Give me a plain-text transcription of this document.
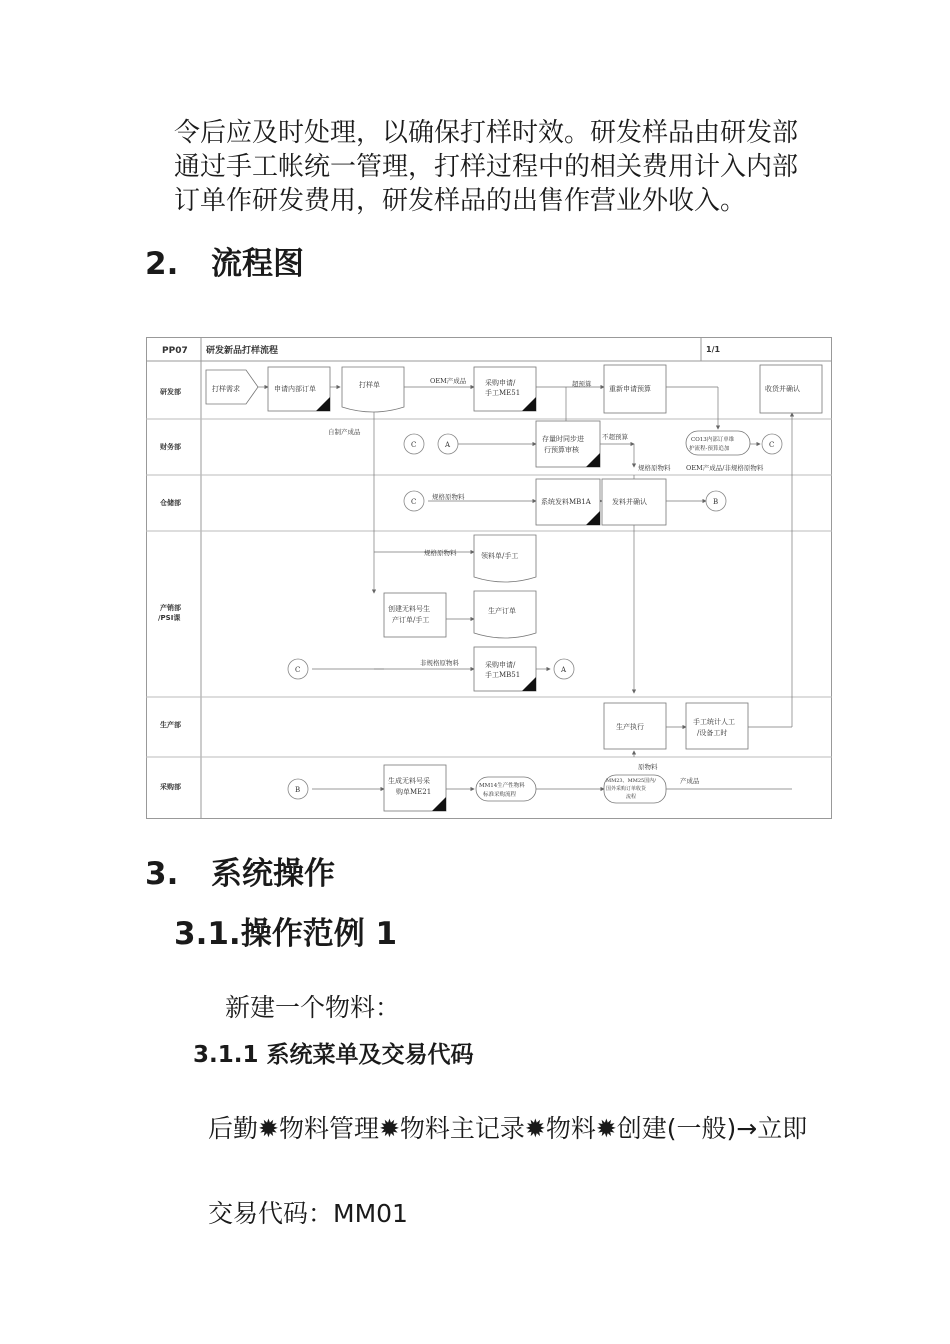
令后应及时处理，以确保打样时效。研发样品由研发部

通过手工帐统一管理，打样过程中的相关费用计入内部

订单作研发费用，研发样品的出售作营业外收入。

2. 流程图
PP07 研发新品打样流程	1/1
研发部
财务部
仓储部
产销部/PSI课
生产部
采购部
打样需求	申请内部订单	打样单	采购申请/手工ME51	重新申请预算	收货并确认
存量时同步进行预算审核
CO13内部订单维护流程-预算追加
系统发料MB1A	发料并确认
领料单/手工
创建无料号生产订单/手工
生产订单
采购申请/手工MB51
生产执行
手工统计人工/设备工时
生成无料号采购单ME21
MM14生产性物料标准采购流程
MM23、MM25国内/国外采购订单收货流程
C	A	C
C	B
C	A
B
OEM产成品	超预算
自制产成品
不超预算
规格原物料 OEM产成品/非规格原物料
规格原物料
规格原物料
非规格原物料
原物料
产成品
3. 系统操作
3.1.操作范例 1

新建一个物料：

3.1.1 系统菜单及交易代码

后勤✹物料管理✹物料主记录✹物料✹创建(一般)→立即

交易代码：MM01
